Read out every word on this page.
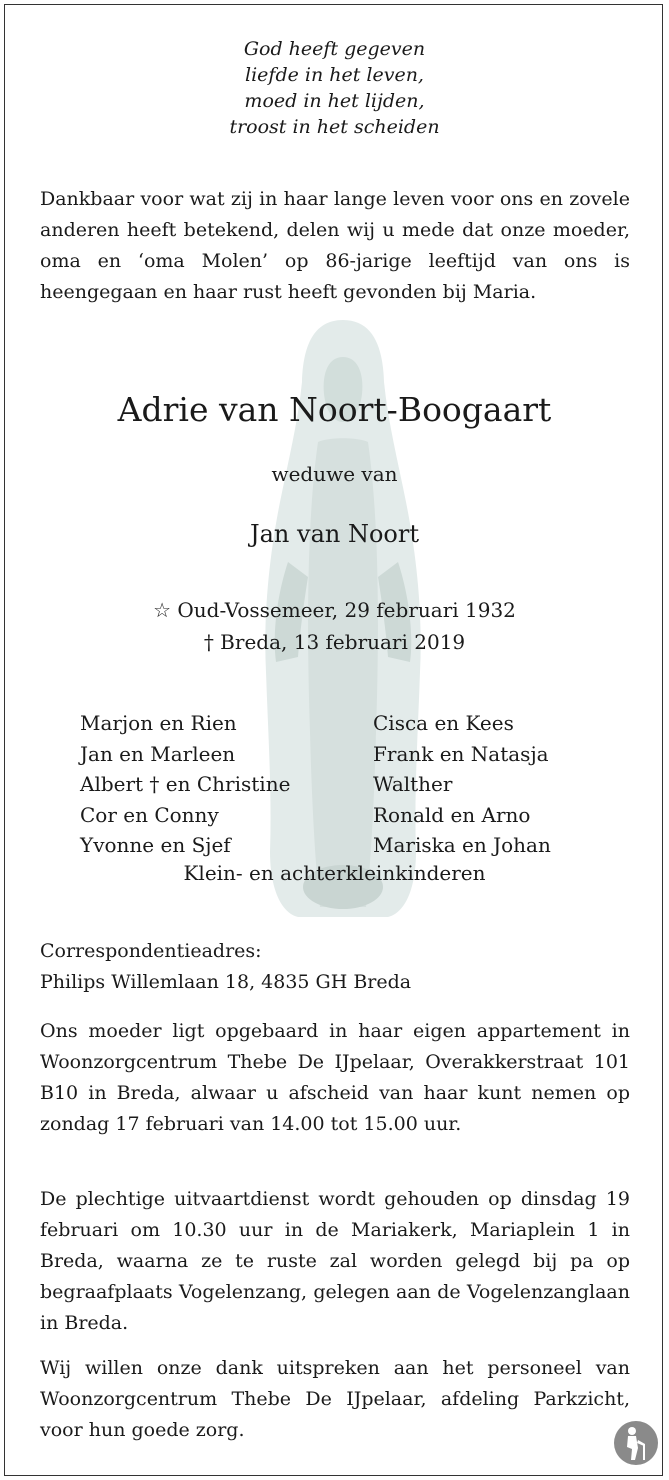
God heeft gegeven
liefde in het leven,
moed in het lijden,
troost in het scheiden
Dankbaar voor wat zij in haar lange leven voor ons en zovele anderen heeft betekend, delen wij u mede dat onze moeder, oma en ‘oma Molen’ op 86-jarige leeftijd van ons is heengegaan en haar rust heeft gevonden bij Maria.
Adrie van Noort-Boogaart
weduwe van
Jan van Noort
☆ Oud-Vossemeer, 29 februari 1932
† Breda, 13 februari 2019
Marjon en Rien
Jan en Marleen
Albert † en Christine
Cor en Conny
Yvonne en Sjef
Cisca en Kees
Frank en Natasja
Walther
Ronald en Arno
Mariska en Johan
Klein- en achterkleinkinderen
Correspondentieadres:
Philips Willemlaan 18, 4835 GH Breda
Ons moeder ligt opgebaard in haar eigen appartement in Woonzorgcentrum Thebe De IJpelaar, Overakkerstraat 101 B10 in Breda, alwaar u afscheid van haar kunt nemen op zondag 17 februari van 14.00 tot 15.00 uur.
De plechtige uitvaartdienst wordt gehouden op dinsdag 19 februari om 10.30 uur in de Mariakerk, Mariaplein 1 in Breda, waarna ze te ruste zal worden gelegd bij pa op begraafplaats Vogelenzang, gelegen aan de Vogelenzanglaan in Breda.
Wij willen onze dank uitspreken aan het personeel van Woonzorgcentrum Thebe De IJpelaar, afdeling Parkzicht, voor hun goede zorg.
